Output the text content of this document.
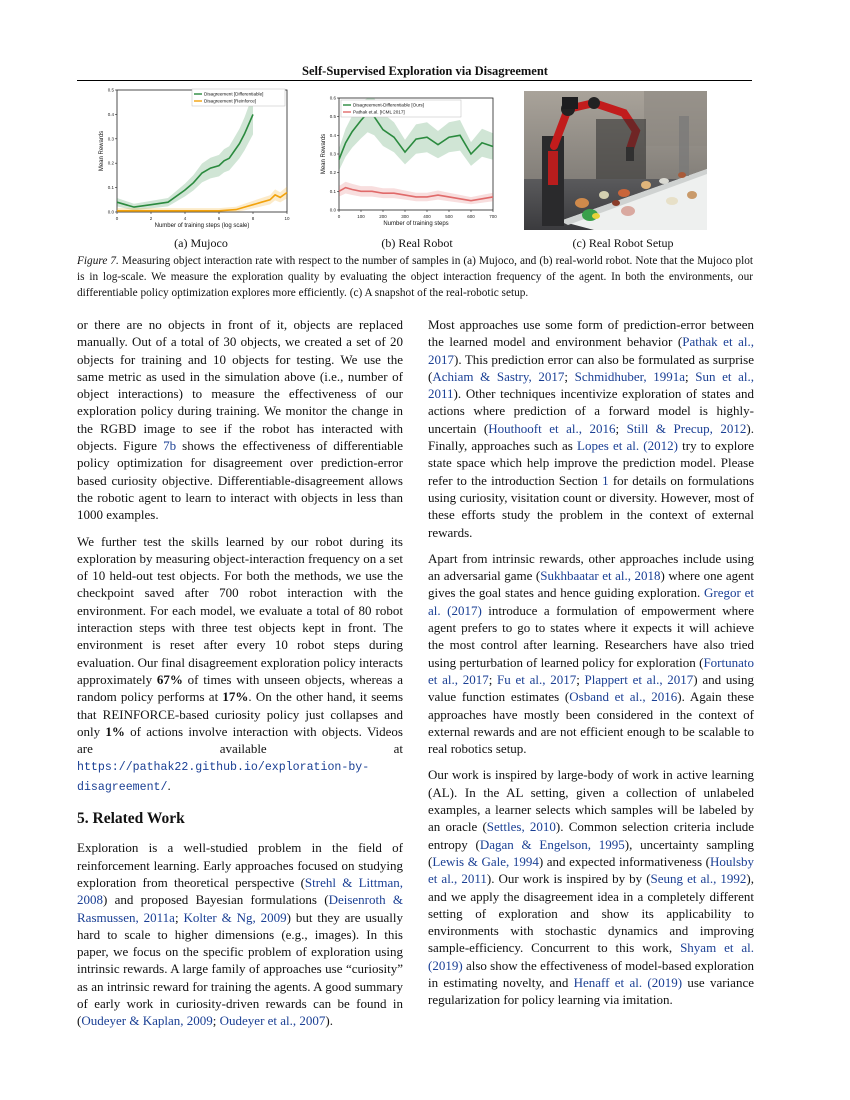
Self-Supervised Exploration via Disagreement
0	2	4	6	8	10
0.0
0.1
0.2
0.3
0.4
0.5
Number of training steps (log scale)
Mean Rewards
Disagreement [Differentiable]
Disagreement [Reinforce]
0	100	200	300	400	500	600	700
0.0
0.1
0.2
0.3
0.4
0.5
0.6
Number of training steps
Mean Rewards
Disagreement-Differentiable [Ours]
Pathak et.al. [ICML 2017]
(a) Mujoco	(b) Real Robot	(c) Real Robot Setup
Figure 7. Measuring object interaction rate with respect to the number of samples in (a) Mujoco, and (b) real-world robot. Note that the Mujoco plot is in log-scale. We measure the exploration quality by evaluating the object interaction frequency of the agent. In both the environments, our differentiable policy optimization explores more efficiently. (c) A snapshot of the real-robotic setup.

or there are no objects in front of it, objects are replaced manually. Out of a total of 30 objects, we created a set of 20 objects for training and 10 objects for testing. We use the same metric as used in the simulation above (i.e., number of object interactions) to measure the effectiveness of our exploration policy during training. We monitor the change in the RGBD image to see if the robot has interacted with objects. Figure 7b shows the effectiveness of differentiable policy optimization for disagreement over prediction-error based curiosity objective. Differentiable-disagreement allows the robotic agent to learn to interact with objects in less than 1000 examples.

We further test the skills learned by our robot during its exploration by measuring object-interaction frequency on a set of 10 held-out test objects. For both the methods, we use the checkpoint saved after 700 robot interaction with the environment. For each model, we evaluate a total of 80 robot interaction steps with three test objects kept in front. The environment is reset after every 10 robot steps during evaluation. Our final disagreement exploration policy interacts approximately 67% of times with unseen objects, whereas a random policy performs at 17%. On the other hand, it seems that REINFORCE-based curiosity policy just collapses and only 1% of actions involve interaction with objects. Videos are available at https://pathak22.github.io/exploration-by-disagreement/.

5. Related Work

Exploration is a well-studied problem in the field of reinforcement learning. Early approaches focused on studying exploration from theoretical perspective (Strehl & Littman, 2008) and proposed Bayesian formulations (Deisenroth & Rasmussen, 2011a; Kolter & Ng, 2009) but they are usually hard to scale to higher dimensions (e.g., images). In this paper, we focus on the specific problem of exploration using intrinsic rewards. A large family of approaches use “curiosity” as an intrinsic reward for training the agents. A good summary of early work in curiosity-driven rewards can be found in (Oudeyer & Kaplan, 2009; Oudeyer et al., 2007).

Most approaches use some form of prediction-error between the learned model and environment behavior (Pathak et al., 2017). This prediction error can also be formulated as surprise (Achiam & Sastry, 2017; Schmidhuber, 1991a; Sun et al., 2011). Other techniques incentivize exploration of states and actions where prediction of a forward model is highly-uncertain (Houthooft et al., 2016; Still & Precup, 2012). Finally, approaches such as Lopes et al. (2012) try to explore state space which help improve the prediction model. Please refer to the introduction Section 1 for details on formulations using curiosity, visitation count or diversity. However, most of these efforts study the problem in the context of external rewards.

Apart from intrinsic rewards, other approaches include using an adversarial game (Sukhbaatar et al., 2018) where one agent gives the goal states and hence guiding exploration. Gregor et al. (2017) introduce a formulation of empowerment where agent prefers to go to states where it expects it will achieve the most control after learning. Researchers have also tried using perturbation of learned policy for exploration (Fortunato et al., 2017; Fu et al., 2017; Plappert et al., 2017) and using value function estimates (Osband et al., 2016). Again these approaches have mostly been considered in the context of external rewards and are not efficient enough to be scalable to real robotics setup.

Our work is inspired by large-body of work in active learning (AL). In the AL setting, given a collection of unlabeled examples, a learner selects which samples will be labeled by an oracle (Settles, 2010). Common selection criteria include entropy (Dagan & Engelson, 1995), uncertainty sampling (Lewis & Gale, 1994) and expected informativeness (Houlsby et al., 2011). Our work is inspired by by (Seung et al., 1992), and we apply the disagreement idea in a completely different setting of exploration and show its applicability to environments with stochastic dynamics and improving sample-efficiency. Concurrent to this work, Shyam et al. (2019) also show the effectiveness of model-based exploration in estimating novelty, and Henaff et al. (2019) use variance regularization for policy learning via imitation.
